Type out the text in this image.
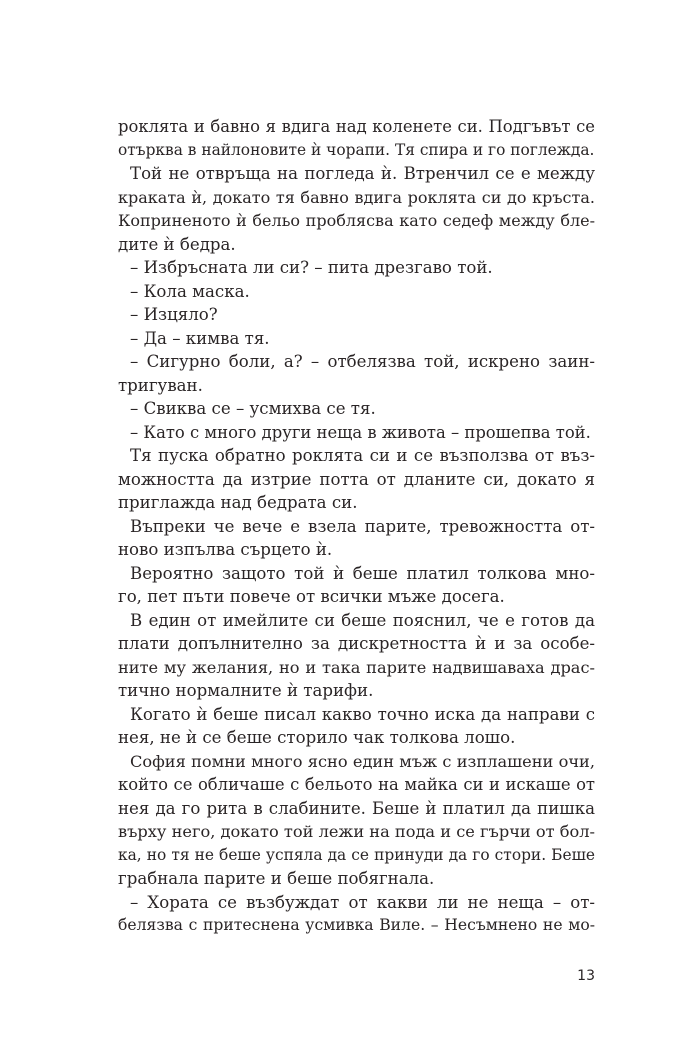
роклята и бавно я вдига над коленете си. Подгъвът се
отърква в найлоновите ѝ чорапи. Тя спира и го поглежда.
Той не отвръща на погледа ѝ. Втренчил се е между
краката ѝ, докато тя бавно вдига роклята си до кръста.
Копринeното ѝ бельо проблясва като седеф между бле-
дите ѝ бедра.
– Избръсната ли си? – пита дрезгаво той.
– Кола маска.
– Изцяло?
– Да – кимва тя.
– Сигурно боли, а? – отбелязва той, искрено заин-
тригуван.
– Свиква се – усмихва се тя.
– Като с много други неща в живота – прошепва той.
Тя пуска обратно роклята си и се възползва от въз-
можността да изтрие потта от дланите си, докато я
приглажда над бедрата си.
Въпреки че вече е взела парите, тревожността от-
ново изпълва сърцето ѝ.
Вероятно защото той ѝ беше платил толкова мно-
го, пет пъти повече от всички мъже досега.
В един от имейлите си беше пояснил, че е готов да
плати допълнително за дискретността ѝ и за особе-
ните му желания, но и така парите надвишаваха драс-
тично нормалните ѝ тарифи.
Когато ѝ беше писал какво точно иска да направи с
нея, не ѝ се беше сторило чак толкова лошо.
София помни много ясно един мъж с изплашени очи,
който се обличаше с бельото на майка си и искаше от
нея да го рита в слабините. Беше ѝ платил да пишка
върху него, докато той лежи на пода и се гърчи от бол-
ка, но тя не беше успяла да се принуди да го стори. Беше
грабнала парите и беше побягнала.
– Хората се възбуждат от какви ли не неща – от-
белязва с притеснена усмивка Виле. – Несъмнено не мо-
13
